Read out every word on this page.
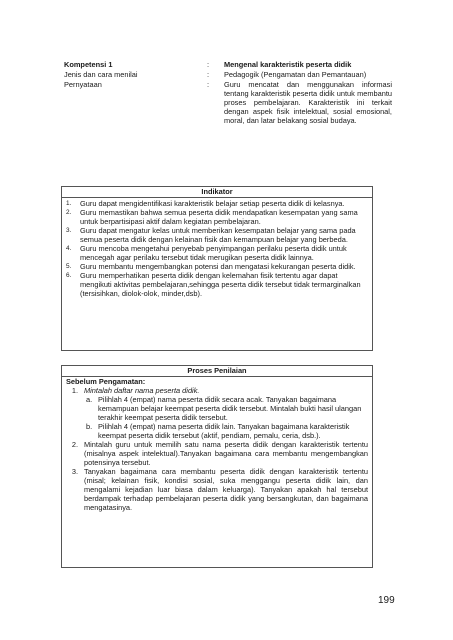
Kompetensi 1	:	Mengenal karakteristik peserta didik
Jenis dan cara menilai	:	Pedagogik (Pengamatan dan Pemantauan)
Pernyataan	:	Guru mencatat dan menggunakan informasi tentang karakteristik peserta didik untuk membantu proses pembelajaran. Karakteristik ini terkait dengan aspek fisik intelektual, sosial emosional, moral, dan latar belakang sosial budaya.
Indikator
1.	Guru dapat mengidentifikasi karakteristik belajar setiap peserta didik di kelasnya.
2.	Guru memastikan bahwa semua peserta didik mendapatkan kesempatan yang sama untuk berpartisipasi aktif dalam kegiatan pembelajaran.
3.	Guru dapat mengatur kelas untuk memberikan kesempatan belajar yang sama pada semua peserta didik dengan kelainan fisik dan kemampuan belajar yang berbeda.
4.	Guru mencoba mengetahui penyebab penyimpangan perilaku peserta didik untuk mencegah agar perilaku tersebut tidak merugikan peserta didik lainnya.
5.	Guru membantu mengembangkan potensi dan mengatasi kekurangan peserta didik.
6.	Guru memperhatikan peserta didik dengan kelemahan fisik tertentu agar dapat mengikuti aktivitas pembelajaran,sehingga peserta didik tersebut tidak termarginalkan (tersisihkan, diolok-olok, minder,dsb).
Proses Penilaian
Sebelum Pengamatan:
1. Mintalah daftar nama peserta didik.
a. Pilihlah 4 (empat) nama peserta didik secara acak. Tanyakan bagaimana kemampuan belajar keempat peserta didik tersebut. Mintalah bukti hasil ulangan terakhir keempat peserta didik tersebut.
b. Pilihlah 4 (empat) nama peserta didik lain. Tanyakan bagaimana karakteristik keempat peserta didik tersebut (aktif, pendiam, pemalu, ceria, dsb.).
2. Mintalah guru untuk memilih satu nama peserta didik dengan karakteristik tertentu (misalnya aspek intelektual).Tanyakan bagaimana cara membantu mengembangkan potensinya tersebut.
3. Tanyakan bagaimana cara membantu peserta didik dengan karakteristik tertentu (misal; kelainan fisik, kondisi sosial, suka menggangu peserta didik lain, dan mengalami kejadian luar biasa dalam keluarga). Tanyakan apakah hal tersebut berdampak terhadap pembelajaran peserta didik yang bersangkutan, dan bagaimana mengatasinya.
199
